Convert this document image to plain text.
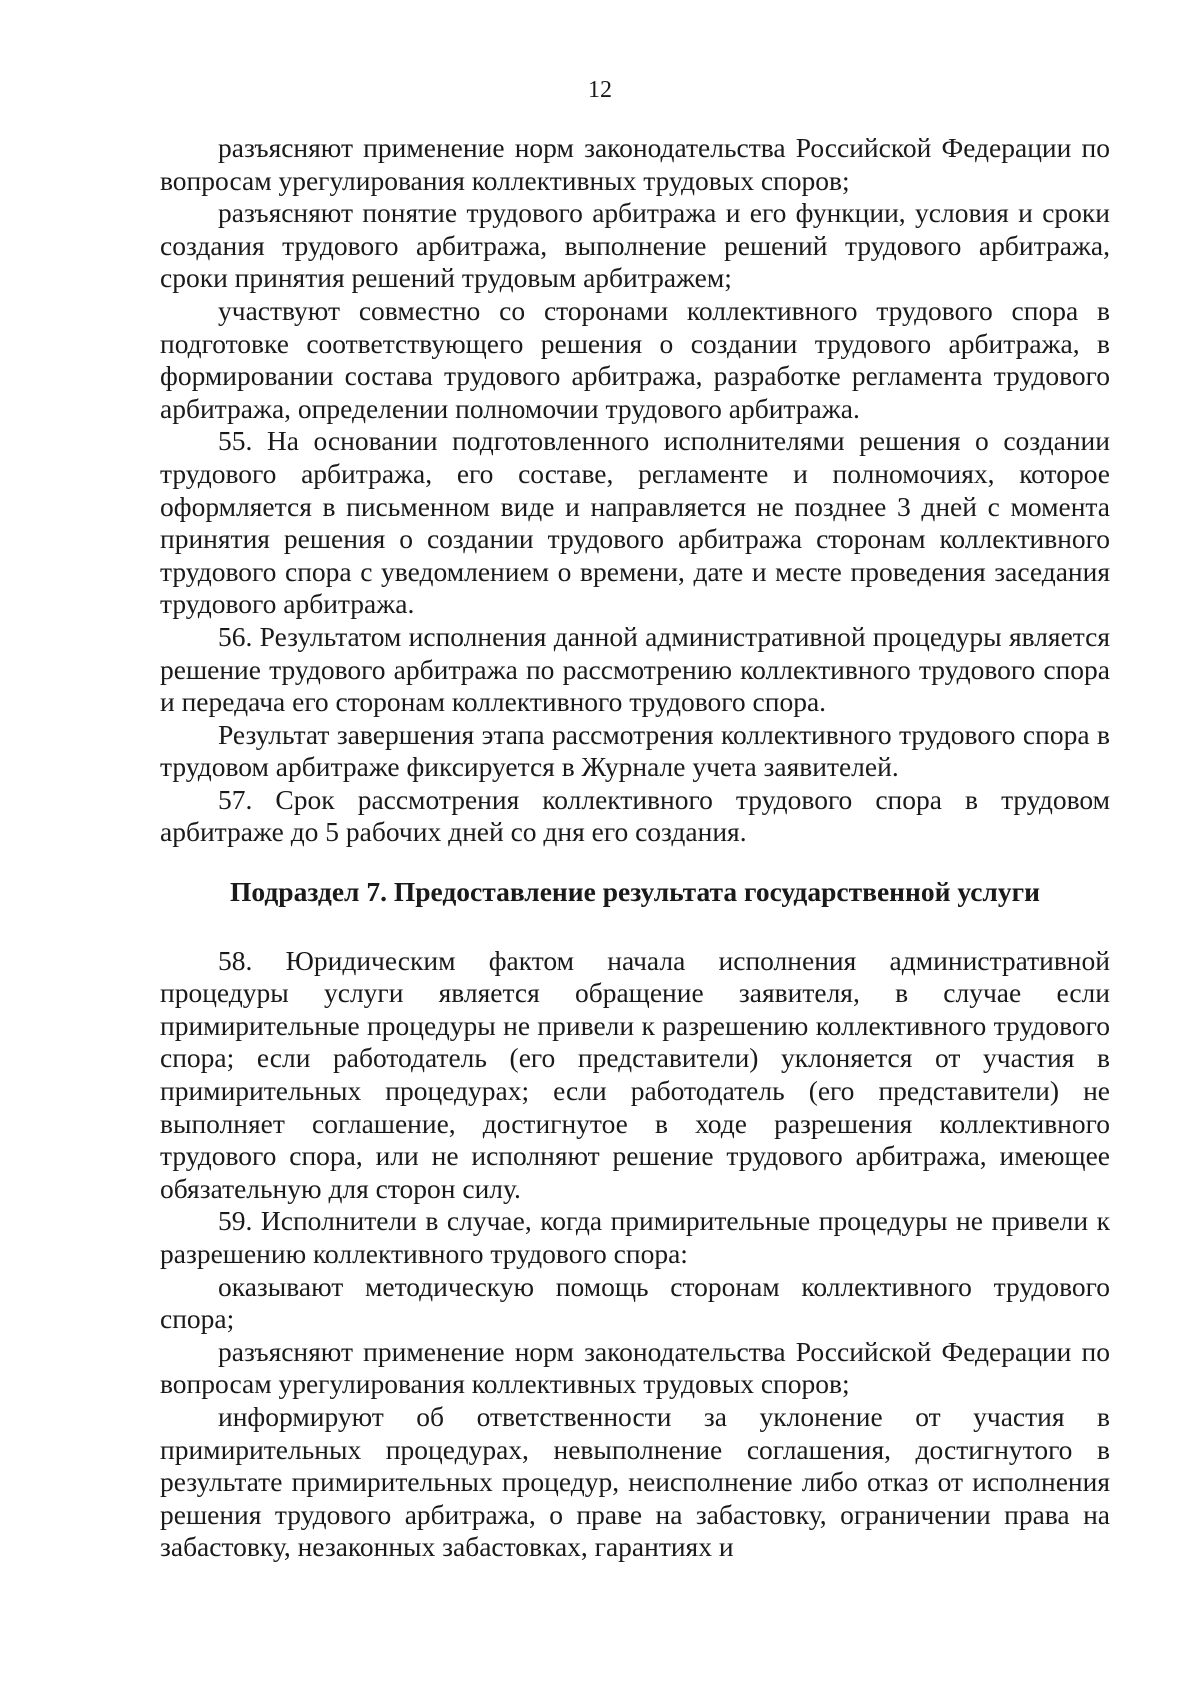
12

разъясняют применение норм законодательства Российской Федерации по вопросам урегулирования коллективных трудовых споров;

разъясняют понятие трудового арбитража и его функции, условия и сроки создания трудового арбитража, выполнение решений трудового арбитража, сроки принятия решений трудовым арбитражем;

участвуют совместно со сторонами коллективного трудового спора в подготовке соответствующего решения о создании трудового арбитража, в формировании состава трудового арбитража, разработке регламента трудового арбитража, определении полномочии трудового арбитража.

55. На основании подготовленного исполнителями решения о создании трудового арбитража, его составе, регламенте и полномочиях, которое оформляется в письменном виде и направляется не позднее 3 дней с момента принятия решения о создании трудового арбитража сторонам коллективного трудового спора с уведомлением о времени, дате и месте проведения заседания трудового арбитража.

56. Результатом исполнения данной административной процедуры является решение трудового арбитража по рассмотрению коллективного трудового спора и передача его сторонам коллективного трудового спора.

Результат завершения этапа рассмотрения коллективного трудового спора в трудовом арбитраже фиксируется в Журнале учета заявителей.

57. Срок рассмотрения коллективного трудового спора в трудовом арбитраже до 5 рабочих дней со дня его создания.

Подраздел 7. Предоставление результата государственной услуги

58. Юридическим фактом начала исполнения административной процедуры услуги является обращение заявителя, в случае если примирительные процедуры не привели к разрешению коллективного трудового спора; если работодатель (его представители) уклоняется от участия в примирительных процедурах; если работодатель (его представители) не выполняет соглашение, достигнутое в ходе разрешения коллективного трудового спора, или не исполняют решение трудового арбитража, имеющее обязательную для сторон силу.

59. Исполнители в случае, когда примирительные процедуры не привели к разрешению коллективного трудового спора:

оказывают методическую помощь сторонам коллективного трудового спора;

разъясняют применение норм законодательства Российской Федерации по вопросам урегулирования коллективных трудовых споров;

информируют об ответственности за уклонение от участия в примирительных процедурах, невыполнение соглашения, достигнутого в результате примирительных процедур, неисполнение либо отказ от исполнения решения трудового арбитража, о праве на забастовку, ограничении права на забастовку, незаконных забастовках, гарантиях и
